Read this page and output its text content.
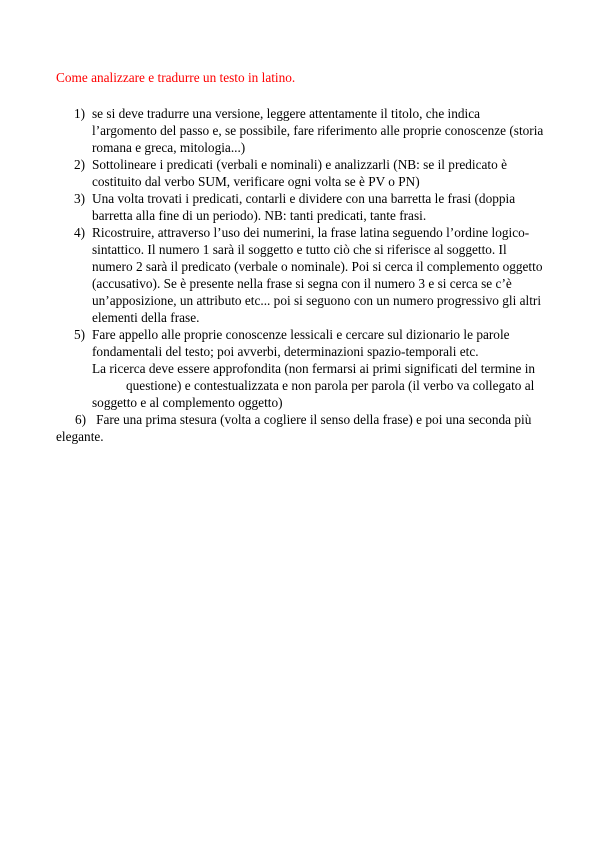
Come analizzare e tradurre un testo in latino.
1) se si deve tradurre una versione, leggere attentamente il titolo, che indica l’argomento del passo e, se possibile, fare riferimento alle proprie conoscenze (storia romana e greca, mitologia...)

2) Sottolineare i predicati (verbali e nominali) e analizzarli (NB: se il predicato è costituito dal verbo SUM, verificare ogni volta se è PV o PN)

3) Una volta trovati i predicati, contarli e dividere con una barretta le frasi (doppia barretta alla fine di un periodo). NB: tanti predicati, tante frasi.

4) Ricostruire, attraverso l’uso dei numerini, la frase latina seguendo l’ordine logico-sintattico. Il numero 1 sarà il soggetto e tutto ciò che si riferisce al soggetto. Il numero 2 sarà il predicato (verbale o nominale). Poi si cerca il complemento oggetto (accusativo). Se è presente nella frase si segna con il numero 3 e si cerca se c’è un’apposizione, un attributo etc... poi si seguono con un numero progressivo gli altri elementi della frase.

5) Fare appello alle proprie conoscenze lessicali e cercare sul dizionario le parole fondamentali del testo; poi avverbi, determinazioni spazio-temporali etc.

La ricerca deve essere approfondita (non fermarsi ai primi significati del termine inquestione) e contestualizzata e non parola per parola (il verbo va collegato al soggetto e al complemento oggetto)

6) Fare una prima stesura (volta a cogliere il senso della frase) e poi una seconda più elegante.
